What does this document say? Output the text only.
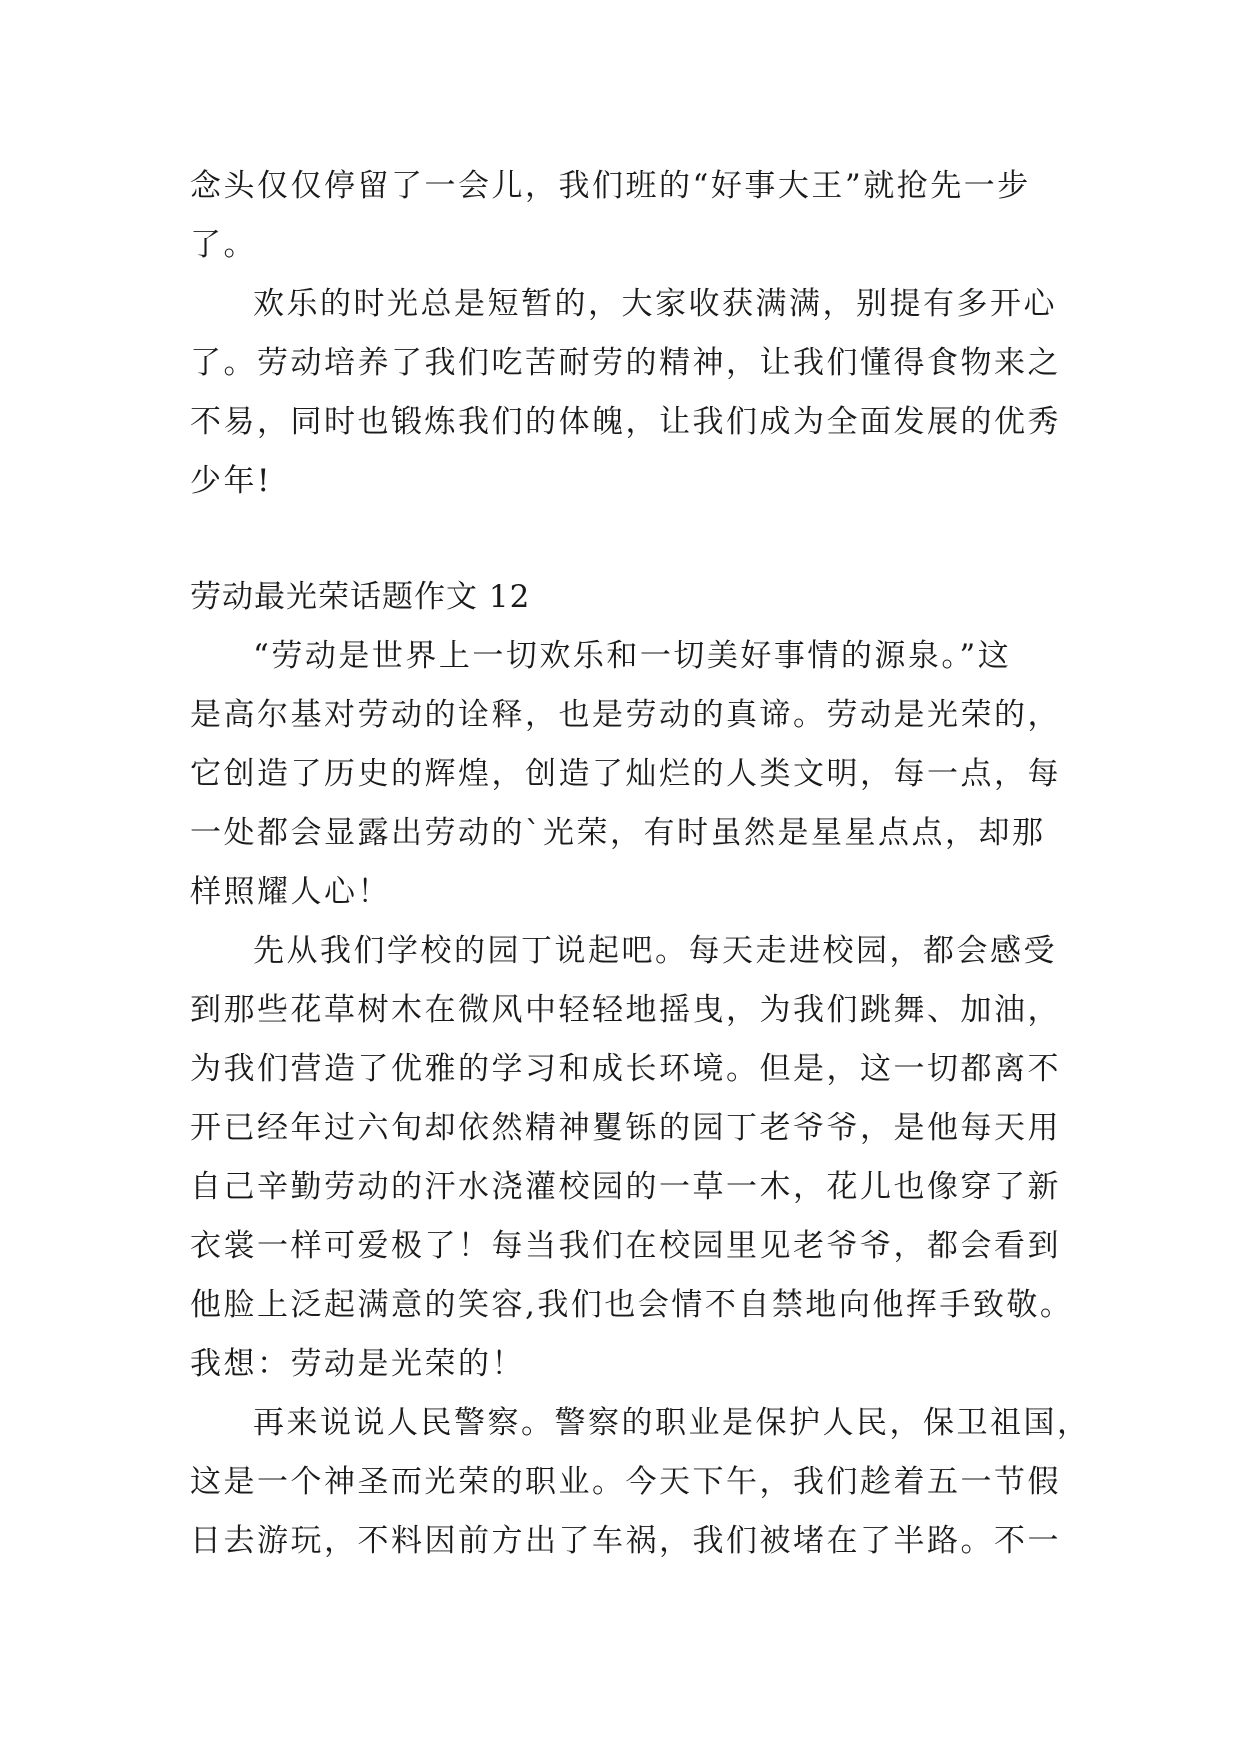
念头仅仅停留了一会儿，我们班的“好事大王”就抢先一步
了。
欢乐的时光总是短暂的，大家收获满满，别提有多开心
了。劳动培养了我们吃苦耐劳的精神，让我们懂得食物来之
不易，同时也锻炼我们的体魄，让我们成为全面发展的优秀
少年!
劳动最光荣话题作文 12
“劳动是世界上一切欢乐和一切美好事情的源泉。”这
是高尔基对劳动的诠释，也是劳动的真谛。劳动是光荣的，
它创造了历史的辉煌，创造了灿烂的人类文明，每一点，每
一处都会显露出劳动的`光荣，有时虽然是星星点点，却那
样照耀人心！
先从我们学校的园丁说起吧。每天走进校园，都会感受
到那些花草树木在微风中轻轻地摇曳，为我们跳舞、加油，
为我们营造了优雅的学习和成长环境。但是，这一切都离不
开已经年过六旬却依然精神矍铄的园丁老爷爷，是他每天用
自己辛勤劳动的汗水浇灌校园的一草一木，花儿也像穿了新
衣裳一样可爱极了！每当我们在校园里见老爷爷，都会看到
他脸上泛起满意的笑容,我们也会情不自禁地向他挥手致敬。
我想：劳动是光荣的！
再来说说人民警察。警察的职业是保护人民，保卫祖国，
这是一个神圣而光荣的职业。今天下午，我们趁着五一节假
日去游玩，不料因前方出了车祸，我们被堵在了半路。不一
